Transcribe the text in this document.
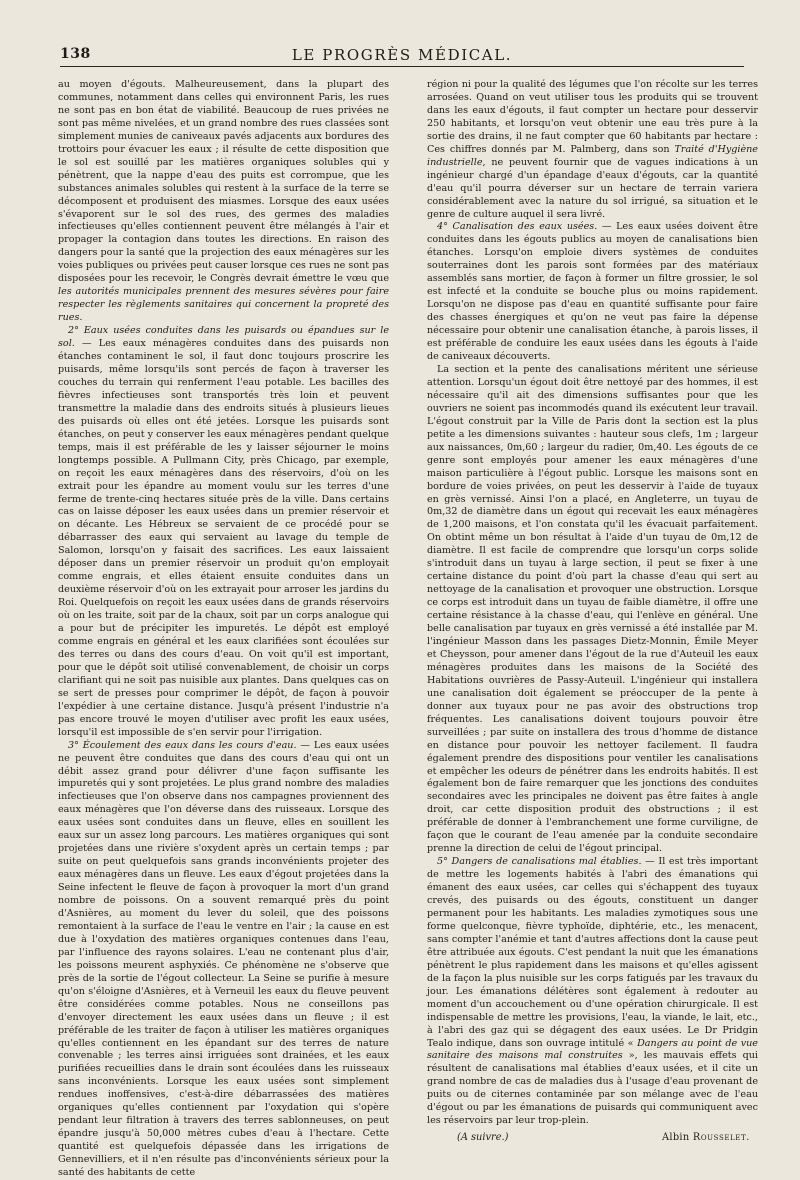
138	LE PROGRÈS MÉDICAL.

au moyen d'égouts. Malheureusement, dans la plupart des communes, notamment dans celles qui environnent Paris, les rues ne sont pas en bon état de viabilité. Beaucoup de rues privées ne sont pas même nivelées, et un grand nombre des rues classées sont simplement munies de caniveaux pavés adjacents aux bordures des trottoirs pour évacuer les eaux ; il résulte de cette disposition que le sol est souillé par les matières organiques solubles qui y pénètrent, que la nappe d'eau des puits est corrompue, que les substances animales solubles qui restent à la surface de la terre se décomposent et produisent des miasmes. Lorsque des eaux usées s'évaporent sur le sol des rues, des germes des maladies infectieuses qu'elles contiennent peuvent être mélangés à l'air et propager la contagion dans toutes les directions. En raison des dangers pour la santé que la projection des eaux ménagères sur les voies publiques ou privées peut causer lorsque ces rues ne sont pas disposées pour les recevoir, le Congrès devrait émettre le vœu que les autorités municipales prennent des mesures sévères pour faire respecter les règlements sanitaires qui concernent la propreté des rues.

2° Eaux usées conduites dans les puisards ou épandues sur le sol. — Les eaux ménagères conduites dans des puisards non étanches contaminent le sol, il faut donc toujours proscrire les puisards, même lorsqu'ils sont percés de façon à traverser les couches du terrain qui renferment l'eau potable. Les bacilles des fièvres infectieuses sont transportés très loin et peuvent transmettre la maladie dans des endroits situés à plusieurs lieues des puisards où elles ont été jetées. Lorsque les puisards sont étanches, on peut y conserver les eaux ménagères pendant quelque temps, mais il est préférable de les y laisser séjourner le moins longtemps possible. A Pullmann City, près Chicago, par exemple, on reçoit les eaux ménagères dans des réservoirs, d'où on les extrait pour les épandre au moment voulu sur les terres d'une ferme de trente-cinq hectares située près de la ville. Dans certains cas on laisse déposer les eaux usées dans un premier réservoir et on décante. Les Hébreux se servaient de ce procédé pour se débarrasser des eaux qui servaient au lavage du temple de Salomon, lorsqu'on y faisait des sacrifices. Les eaux laissaient déposer dans un premier réservoir un produit qu'on employait comme engrais, et elles étaient ensuite conduites dans un deuxième réservoir d'où on les extrayait pour arroser les jardins du Roi. Quelquefois on reçoit les eaux usées dans de grands réservoirs où on les traite, soit par de la chaux, soit par un corps analogue qui a pour but de précipiter les impuretés. Le dépôt est employé comme engrais en général et les eaux clarifiées sont écoulées sur des terres ou dans des cours d'eau. On voit qu'il est important, pour que le dépôt soit utilisé convenablement, de choisir un corps clarifiant qui ne soit pas nuisible aux plantes. Dans quelques cas on se sert de presses pour comprimer le dépôt, de façon à pouvoir l'expédier à une certaine distance. Jusqu'à présent l'industrie n'a pas encore trouvé le moyen d'utiliser avec profit les eaux usées, lorsqu'il est impossible de s'en servir pour l'irrigation.

3° Écoulement des eaux dans les cours d'eau. — Les eaux usées ne peuvent être conduites que dans des cours d'eau qui ont un débit assez grand pour délivrer d'une façon suffisante les impuretés qui y sont projetées. Le plus grand nombre des maladies infectieuses que l'on observe dans nos campagnes proviennent des eaux ménagères que l'on déverse dans des ruisseaux. Lorsque des eaux usées sont conduites dans un fleuve, elles en souillent les eaux sur un assez long parcours. Les matières organiques qui sont projetées dans une rivière s'oxydent après un certain temps ; par suite on peut quelquefois sans grands inconvénients projeter des eaux ménagères dans un fleuve. Les eaux d'égout projetées dans la Seine infectent le fleuve de façon à provoquer la mort d'un grand nombre de poissons. On a souvent remarqué près du point d'Asnières, au moment du lever du soleil, que des poissons remontaient à la surface de l'eau le ventre en l'air ; la cause en est due à l'oxydation des matières organiques contenues dans l'eau, par l'influence des rayons solaires. L'eau ne contenant plus d'air, les poissons meurent asphyxiés. Ce phénomène ne s'observe que près de la sortie de l'égout collecteur. La Seine se purifie à mesure qu'on s'éloigne d'Asnières, et à Verneuil les eaux du fleuve peuvent être considérées comme potables. Nous ne conseillons pas d'envoyer directement les eaux usées dans un fleuve ; il est préférable de les traiter de façon à utiliser les matières organiques qu'elles contiennent en les épandant sur des terres de nature convenable ; les terres ainsi irriguées sont drainées, et les eaux purifiées recueillies dans le drain sont écoulées dans les ruisseaux sans inconvénients. Lorsque les eaux usées sont simplement rendues inoffensives, c'est-à-dire débarrassées des matières organiques qu'elles contiennent par l'oxydation qui s'opère pendant leur filtration à travers des terres sablonneuses, on peut épandre jusqu'à 50,000 mètres cubes d'eau à l'hectare. Cette quantité est quelquefois dépassée dans les irrigations de Gennevilliers, et il n'en résulte pas d'inconvénients sérieux pour la santé des habitants de cette

région ni pour la qualité des légumes que l'on récolte sur les terres arrosées. Quand on veut utiliser tous les produits qui se trouvent dans les eaux d'égouts, il faut compter un hectare pour desservir 250 habitants, et lorsqu'on veut obtenir une eau très pure à la sortie des drains, il ne faut compter que 60 habitants par hectare : Ces chiffres donnés par M. Palmberg, dans son Traité d'Hygiène industrielle, ne peuvent fournir que de vagues indications à un ingénieur chargé d'un épandage d'eaux d'égouts, car la quantité d'eau qu'il pourra déverser sur un hectare de terrain variera considérablement avec la nature du sol irrigué, sa situation et le genre de culture auquel il sera livré.

4° Canalisation des eaux usées. — Les eaux usées doivent être conduites dans les égouts publics au moyen de canalisations bien étanches. Lorsqu'on emploie divers systèmes de conduites souterraines dont les parois sont formées par des matériaux assemblés sans mortier, de façon à former un filtre grossier, le sol est infecté et la conduite se bouche plus ou moins rapidement. Lorsqu'on ne dispose pas d'eau en quantité suffisante pour faire des chasses énergiques et qu'on ne veut pas faire la dépense nécessaire pour obtenir une canalisation étanche, à parois lisses, il est préférable de conduire les eaux usées dans les égouts à l'aide de caniveaux découverts.

La section et la pente des canalisations méritent une sérieuse attention. Lorsqu'un égout doit être nettoyé par des hommes, il est nécessaire qu'il ait des dimensions suffisantes pour que les ouvriers ne soient pas incommodés quand ils exécutent leur travail. L'égout construit par la Ville de Paris dont la section est la plus petite a les dimensions suivantes : hauteur sous clefs, 1m ; largeur aux naissances, 0m,60 ; largeur du radier, 0m,40. Les égouts de ce genre sont employés pour amener les eaux ménagères d'une maison particulière à l'égout public. Lorsque les maisons sont en bordure de voies privées, on peut les desservir à l'aide de tuyaux en grès vernissé. Ainsi l'on a placé, en Angleterre, un tuyau de 0m,32 de diamètre dans un égout qui recevait les eaux ménagères de 1,200 maisons, et l'on constata qu'il les évacuait parfaitement. On obtint même un bon résultat à l'aide d'un tuyau de 0m,12 de diamètre. Il est facile de comprendre que lorsqu'un corps solide s'introduit dans un tuyau à large section, il peut se fixer à une certaine distance du point d'où part la chasse d'eau qui sert au nettoyage de la canalisation et provoquer une obstruction. Lorsque ce corps est introduit dans un tuyau de faible diamètre, il offre une certaine résistance à la chasse d'eau, qui l'enlève en général. Une belle canalisation par tuyaux en grès vernissé a été installée par M. l'ingénieur Masson dans les passages Dietz-Monnin, Émile Meyer et Cheysson, pour amener dans l'égout de la rue d'Auteuil les eaux ménagères produites dans les maisons de la Société des Habitations ouvrières de Passy-Auteuil. L'ingénieur qui installera une canalisation doit également se préoccuper de la pente à donner aux tuyaux pour ne pas avoir des obstructions trop fréquentes. Les canalisations doivent toujours pouvoir être surveillées ; par suite on installera des trous d'homme de distance en distance pour pouvoir les nettoyer facilement. Il faudra également prendre des dispositions pour ventiler les canalisations et empêcher les odeurs de pénétrer dans les endroits habités. Il est également bon de faire remarquer que les jonctions des conduites secondaires avec les principales ne doivent pas être faites à angle droit, car cette disposition produit des obstructions ; il est préférable de donner à l'embranchement une forme curviligne, de façon que le courant de l'eau amenée par la conduite secondaire prenne la direction de celui de l'égout principal.

5° Dangers de canalisations mal établies. — Il est très important de mettre les logements habités à l'abri des émanations qui émanent des eaux usées, car celles qui s'échappent des tuyaux crevés, des puisards ou des égouts, constituent un danger permanent pour les habitants. Les maladies zymotiques sous une forme quelconque, fièvre typhoïde, diphtérie, etc., les menacent, sans compter l'anémie et tant d'autres affections dont la cause peut être attribuée aux égouts. C'est pendant la nuit que les émanations pénètrent le plus rapidement dans les maisons et qu'elles agissent de la façon la plus nuisible sur les corps fatigués par les travaux du jour. Les émanations délétères sont également à redouter au moment d'un accouchement ou d'une opération chirurgicale. Il est indispensable de mettre les provisions, l'eau, la viande, le lait, etc., à l'abri des gaz qui se dégagent des eaux usées. Le Dr Pridgin Tealo indique, dans son ouvrage intitulé « Dangers au point de vue sanitaire des maisons mal construites », les mauvais effets qui résultent de canalisations mal établies d'eaux usées, et il cite un grand nombre de cas de maladies dus à l'usage d'eau provenant de puits ou de citernes contaminée par son mélange avec de l'eau d'égout ou par les émanations de puisards qui communiquent avec les réservoirs par leur trop-plein.

(A suivre.)	Albin Rousselet.
